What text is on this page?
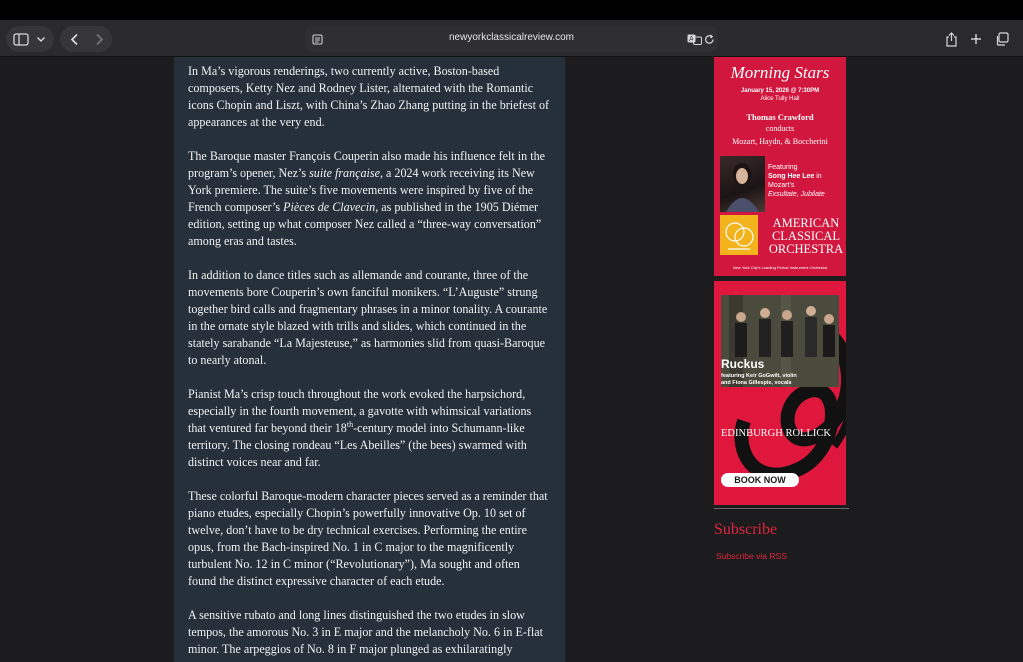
newyorkclassicalreview.com	A

In Ma’s vigorous renderings, two currently active, Boston-based composers, Ketty Nez and Rodney Lister, alternated with the Romantic icons Chopin and Liszt, with China’s Zhao Zhang putting in the briefest of appearances at the very end.

The Baroque master François Couperin also made his influence felt in the program’s opener, Nez’s suite française, a 2024 work receiving its New York premiere. The suite’s five movements were inspired by five of the French composer’s Pièces de Clavecin, as published in the 1905 Diémer edition, setting up what composer Nez called a “three-way conversation” among eras and tastes.

In addition to dance titles such as allemande and courante, three of the movements bore Couperin’s own fanciful monikers. “L’Auguste” strung together bird calls and fragmentary phrases in a minor tonality. A courante in the ornate style blazed with trills and slides, which continued in the stately sarabande “La Majesteuse,” as harmonies slid from quasi-Baroque to nearly atonal.

Pianist Ma’s crisp touch throughout the work evoked the harpsichord, especially in the fourth movement, a gavotte with whimsical variations that ventured far beyond their 18th-century model into Schumann-like territory. The closing rondeau “Les Abeilles” (the bees) swarmed with distinct voices near and far.

These colorful Baroque-modern character pieces served as a reminder that piano etudes, especially Chopin’s powerfully innovative Op. 10 set of twelve, don’t have to be dry technical exercises. Performing the entire opus, from the Bach-inspired No. 1 in C major to the magnificently turbulent No. 12 in C minor (“Revolutionary”), Ma sought and often found the distinct expressive character of each etude.

A sensitive rubato and long lines distinguished the two etudes in slow tempos, the amorous No. 3 in E major and the melancholy No. 6 in E-flat minor. The arpeggios of No. 8 in F major plunged as exhilaratingly

Morning Stars
January 15, 2026 @ 7:30PM
Alice Tully Hall
Thomas Crawford
conducts
Mozart, Haydn, & Boccherini
Featuring
Song Hee Lee in
Mozart’s
Exsultate, Jubilate
AMERICAN CLASSICAL ORCHESTRA
New York City’s Leading Period Instrument Orchestra
Ruckus
featuring Keir GoGwilt, violin
and Fiona Gillespie, vocals
EDINBURGH ROLLICK
BOOK NOW
Subscribe
Subscribe via RSS
